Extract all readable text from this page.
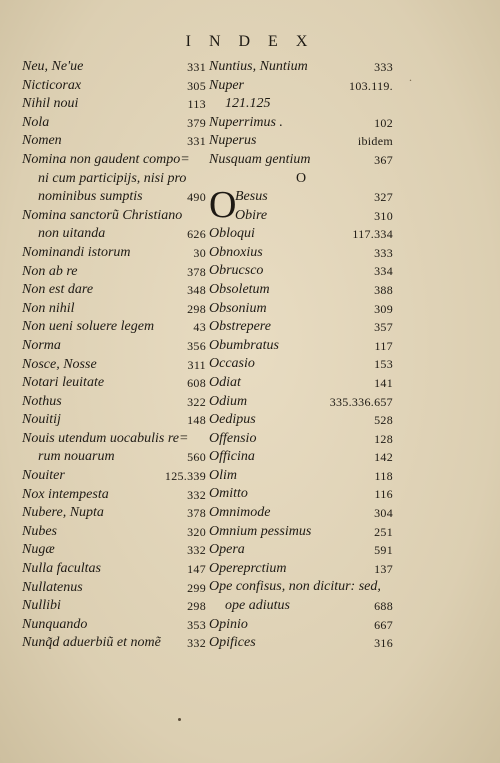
I N D E X
Neu, Ne'ue	331
Nicticorax	305
Nihil noui	113
Nola	379
Nomen	331
Nomina non gaudent compo=
ni cum participijs, nisi pro
nominibus sumptis	490
Nomina sanctorũ Christiano
non uitanda	626
Nominandi istorum	30
Non ab re	378
Non est dare	348
Non nihil	298
Non ueni soluere legem	43
Norma	356
Nosce, Nosse	311
Notari leuitate	608
Nothus	322
Nouitij	148
Nouis utendum uocabulis re=
rum nouarum	560
Nouiter	125.339
Nox intempesta	332
Nubere, Nupta	378
Nubes	320
Nugæ	332
Nulla facultas	147
Nullatenus	299
Nullibi	298
Nunquando	353
Nunq̃d aduerbiũ et nomẽ 332
Nuntius, Nuntium	333
Nuper	103.119.
121.125
Nuperrimus .	102
Nuperus	ibidem
Nusquam gentium	367
O
O
Besus	327
Obire	310
Obloqui	117.334
Obnoxius	333
Obrucsco	334
Obsoletum	388
Obsonium	309
Obstrepere	357
Obumbratus	117
Occasio	153
Odiat	141
Odium	335.336.657
Oedipus	528
Offensio	128
Officina	142
Olim	118
Omitto	116
Omnimode	304
Omnium pessimus	251
Opera	591
Opereprctium	137
Ope confisus, non dicitur: sed,
ope adiutus	688
Opinio	667
Opifices	316
.
